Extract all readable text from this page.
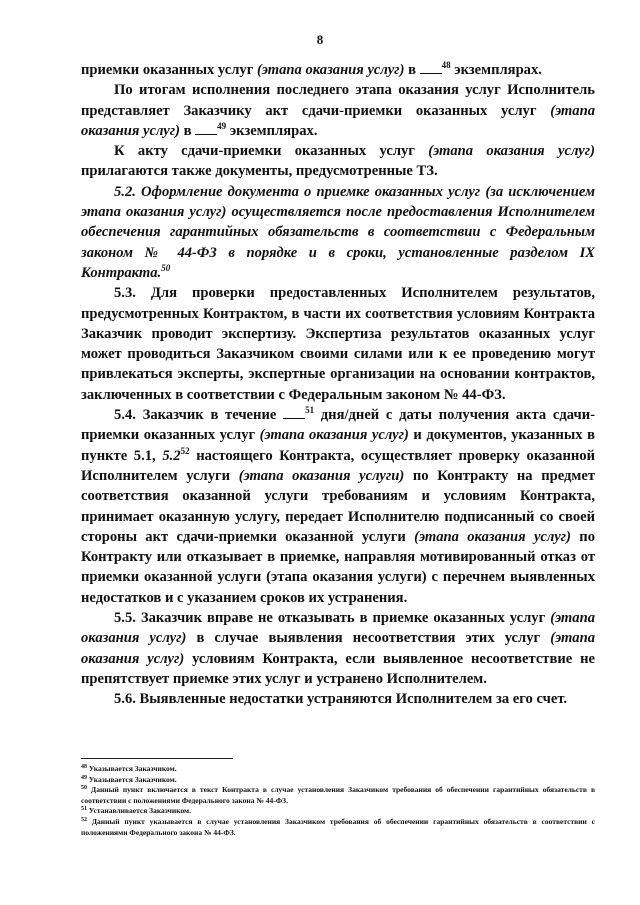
8

приемки оказанных услуг (этапа оказания услуг) в $^{48}$ экземплярах.

По итогам исполнения последнего этапа оказания услуг Исполнитель представляет Заказчику акт сдачи-приемки оказанных услуг (этапа оказания услуг) в $^{49}$ экземплярах.

К акту сдачи-приемки оказанных услуг (этапа оказания услуг) прилагаются также документы, предусмотренные ТЗ.

5.2. Оформление документа о приемке оказанных услуг (за исключением этапа оказания услуг) осуществляется после предоставления Исполнителем обеспечения гарантийных обязательств в соответствии с Федеральным законом № 44-ФЗ в порядке и в сроки, установленные разделом IX Контракта.$^{50}$

5.3. Для проверки предоставленных Исполнителем результатов, предусмотренных Контрактом, в части их соответствия условиям Контракта Заказчик проводит экспертизу. Экспертиза результатов оказанных услуг может проводиться Заказчиком своими силами или к ее проведению могут привлекаться эксперты, экспертные организации на основании контрактов, заключенных в соответствии с Федеральным законом № 44-ФЗ.

5.4. Заказчик в течение $^{51}$ дня/дней с даты получения акта сдачи-приемки оказанных услуг (этапа оказания услуг) и документов, указанных в пункте 5.1, $5.2^{52}$ настоящего Контракта, осуществляет проверку оказанной Исполнителем услуги (этапа оказания услуги) по Контракту на предмет соответствия оказанной услуги требованиям и условиям Контракта, принимает оказанную услугу, передает Исполнителю подписанный со своей стороны акт сдачи-приемки оказанной услуги (этапа оказания услуг) по Контракту или отказывает в приемке, направляя мотивированный отказ от приемки оказанной услуги (этапа оказания услуги) с перечнем выявленных недостатков и с указанием сроков их устранения.

5.5. Заказчик вправе не отказывать в приемке оказанных услуг (этапа оказания услуг) в случае выявления несоответствия этих услуг (этапа оказания услуг) условиям Контракта, если выявленное несоответствие не препятствует приемке этих услуг и устранено Исполнителем.

5.6. Выявленные недостатки устраняются Исполнителем за его счет.

$^{48}$ Указывается Заказчиком.

$^{49}$ Указывается Заказчиком.

$^{50}$ Данный пункт включается в текст Контракта в случае установления Заказчиком требования об обеспечении гарантийных обязательств в соответствии с положениями Федерального закона № 44-ФЗ.

$^{51}$ Устанавливается Заказчиком.

$^{52}$ Данный пункт указывается в случае установления Заказчиком требования об обеспечении гарантийных обязательств в соответствии с положениями Федерального закона № 44-ФЗ.
